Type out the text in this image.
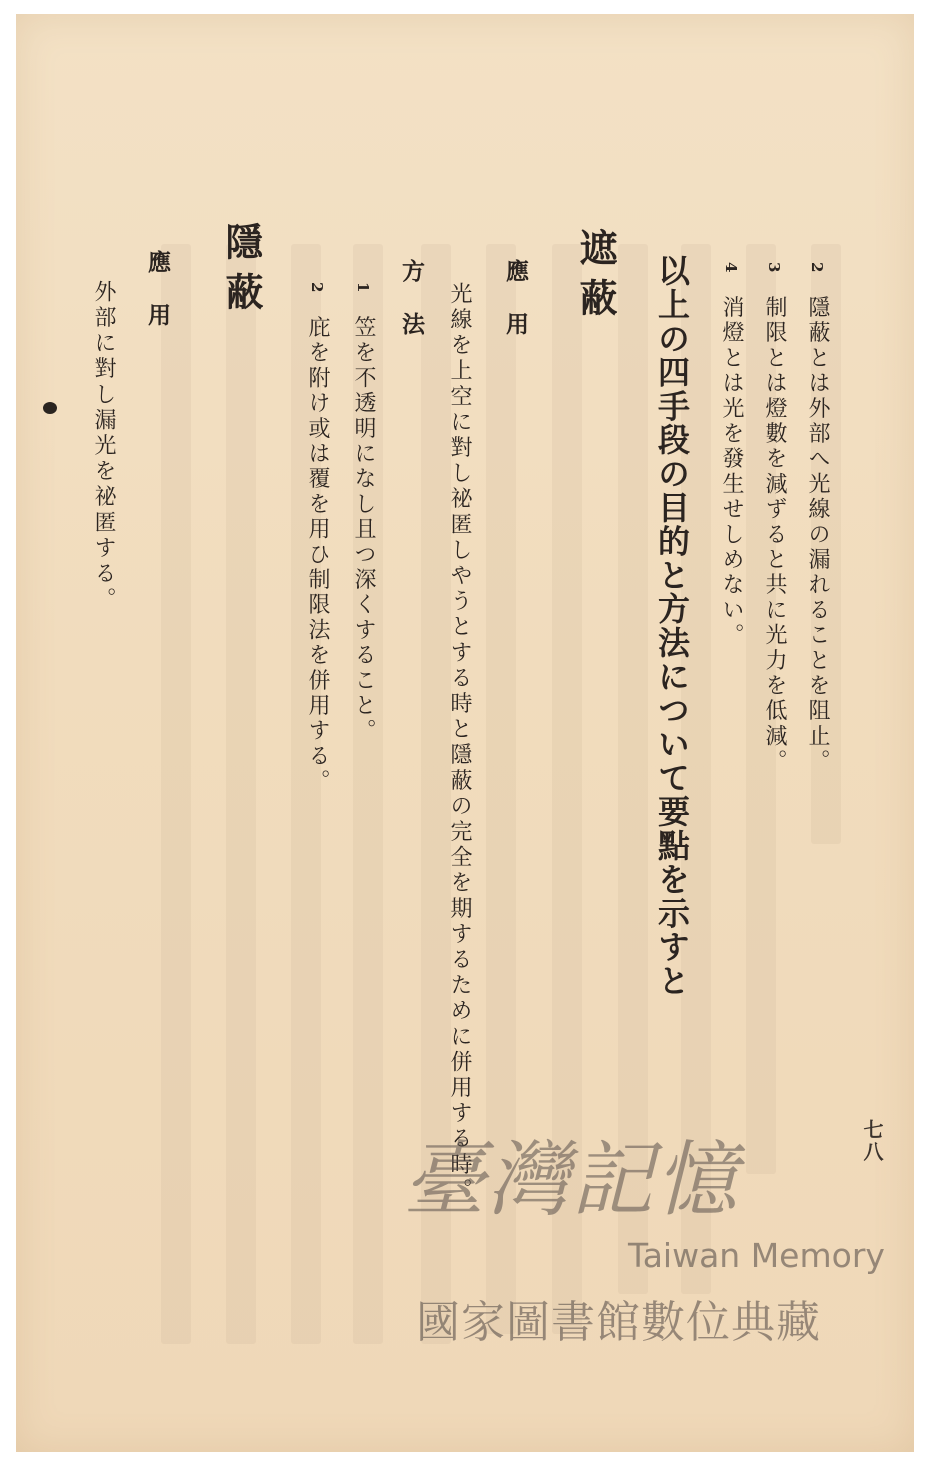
2隱蔽とは外部へ光線の漏れることを阻止。
3制限とは燈數を減ずると共に光力を低減。
4消燈とは光を發生せしめない。
以上の四手段の目的と方法について要點を示すと
遮蔽
應用
光線を上空に對し祕匿しやうとする時と隱蔽の完全を期するために併用する時。
方法
1笠を不透明になし且つ深くすること。
2庇を附け或は覆を用ひ制限法を併用する。
隱蔽
應用
外部に對し漏光を祕匿する。
七八
臺灣記憶
Taiwan Memory
國家圖書館數位典藏
